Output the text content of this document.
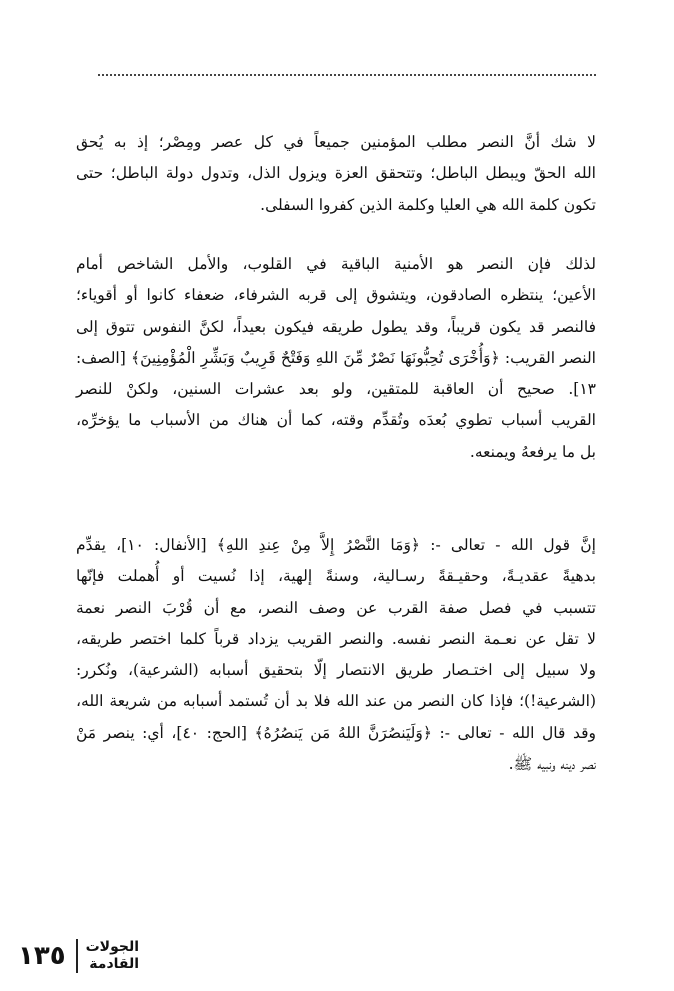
لا شك أنَّ النصر مطلب المؤمنين جميعاً في كل عصر ومِصْر؛ إذ به يُحق
الله الحقّ ويبطل الباطل؛ وتتحقق العزة ويزول الذل، وتدول دولة الباطل؛ حتى
تكون كلمة الله هي العليا وكلمة الذين كفروا السفلى.
لذلك فإن النصر هو الأمنية الباقية في القلوب، والأمل الشاخص أمام
الأعين؛ ينتظره الصادقون، ويتشوق إلى قربه الشرفاء، ضعفاء كانوا أو أقوياء؛
فالنصر قد يكون قريباً، وقد يطول طريقه فيكون بعيداً، لكنَّ النفوس تتوق إلى
النصر القريب: ﴿وَأُخْرَى تُحِبُّونَهَا نَصْرٌ مِّنَ اللهِ وَفَتْحٌ قَرِيبٌ وَبَشِّرِ الْمُؤْمِنِينَ﴾ [الصف:
١٣]. صحيح أن العاقبة للمتقين، ولو بعد عشرات السنين، ولكنْ للنصر
القريب أسباب تطوي بُعدَه وتُقدِّم وقته، كما أن هناك من الأسباب ما يؤخرِّه،
بل ما يرفعهُ ويمنعه.
إنَّ قول الله - تعالى -: ﴿وَمَا النَّصْرُ إِلاَّ مِنْ عِندِ اللهِ﴾ [الأنفال: ١٠]، يقدِّم
بدهيةً عقديـةً، وحقيـقةً رسـالية، وسنةً إلهية، إذا نُسيت أو أُهملت فإنّها
تتسبب في فصل صفة القرب عن وصف النصر، مع أن قُرْبَ النصر نعمة
لا تقل عن نعـمة النصر نفسه. والنصر القريب يزداد قرباً كلما اختصر طريقه،
ولا سبيل إلى اختـصار طريق الانتصار إلّا بتحقيق أسبابه (الشرعية)، ونُكرر:
(الشرعية!)؛ فإذا كان النصر من عند الله فلا بد أن تُستمد أسبابه من شريعة الله،
وقد قال الله - تعالى -: ﴿وَلَيَنصُرَنَّ اللهُ مَن يَنصُرُهُ﴾ [الحج: ٤٠]، أي: ينصر مَنْ
نصر دينه ونبيه ﷺ.
الجولات
القادمة
١٣٥
